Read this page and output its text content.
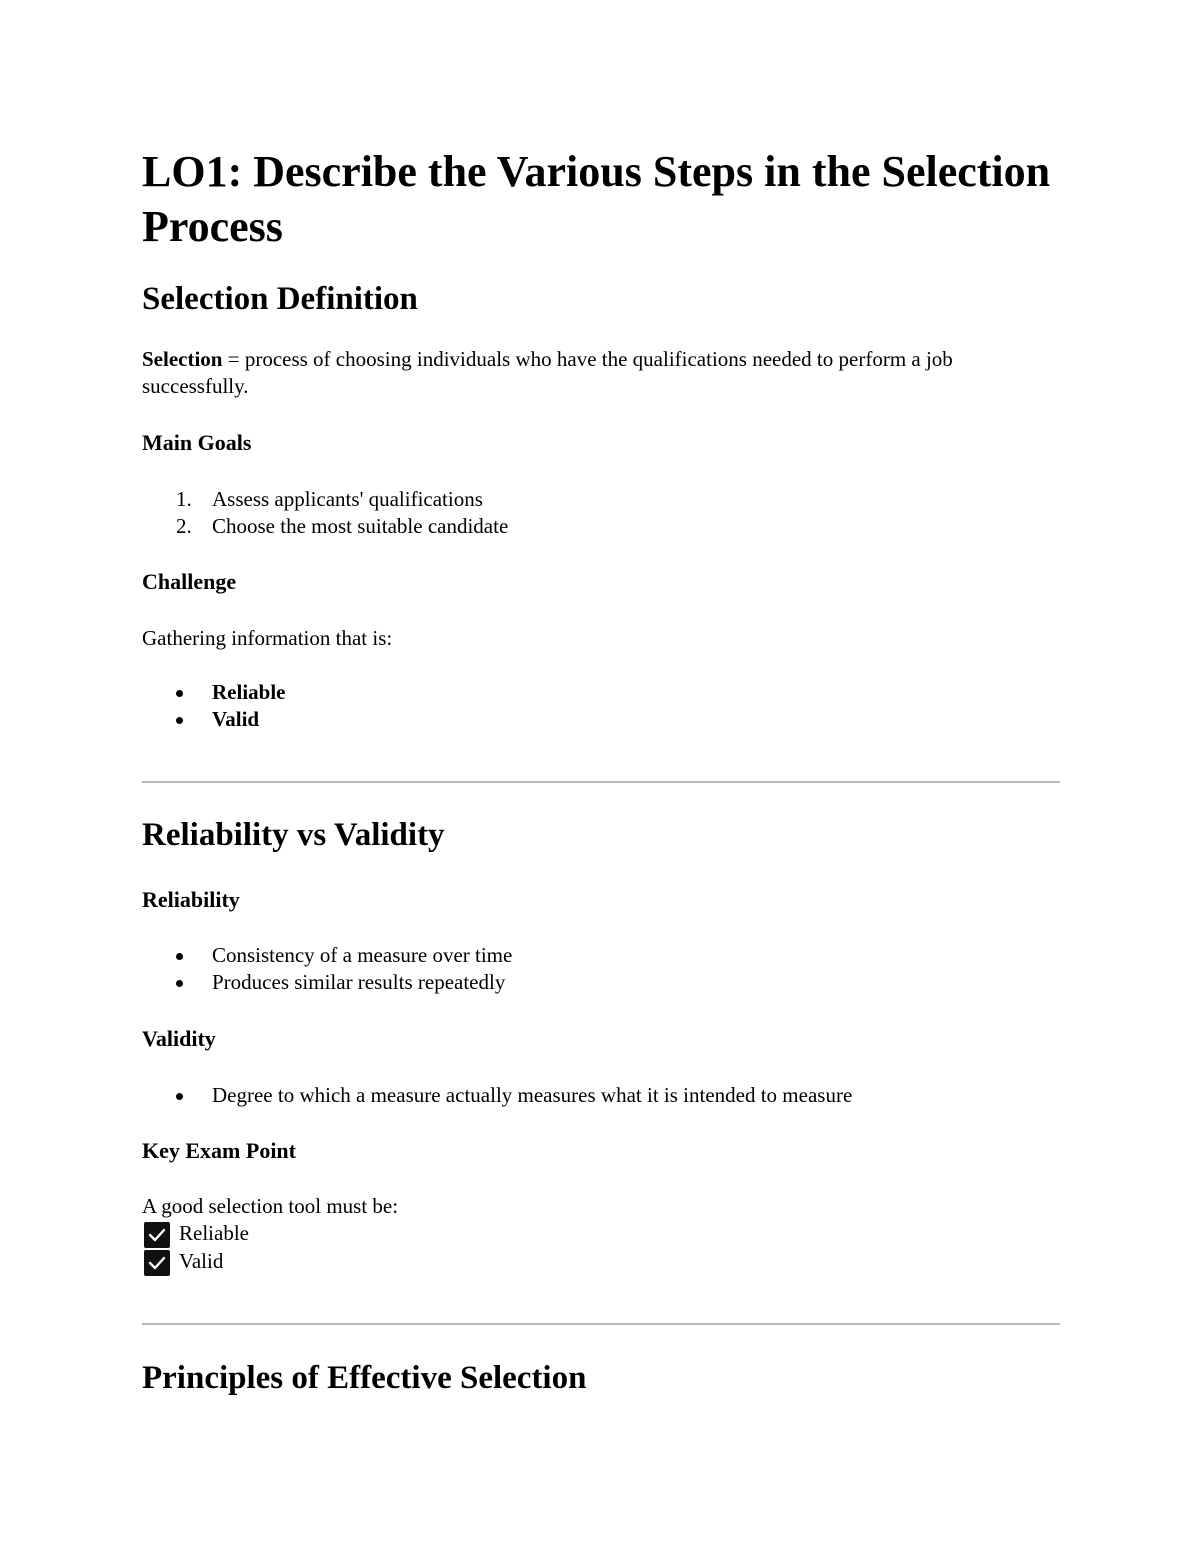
LO1: Describe the Various Steps in the Selection Process
Selection Definition

Selection = process of choosing individuals who have the qualifications needed to perform a job successfully.

Main Goals
1. Assess applicants' qualifications
2. Choose the most suitable candidate
Challenge

Gathering information that is:

Reliable
Valid
Reliability vs Validity
Reliability
Consistency of a measure over time
Produces similar results repeatedly
Validity
Degree to which a measure actually measures what it is intended to measure
Key Exam Point
A good selection tool must be:
Reliable
Valid
Principles of Effective Selection
